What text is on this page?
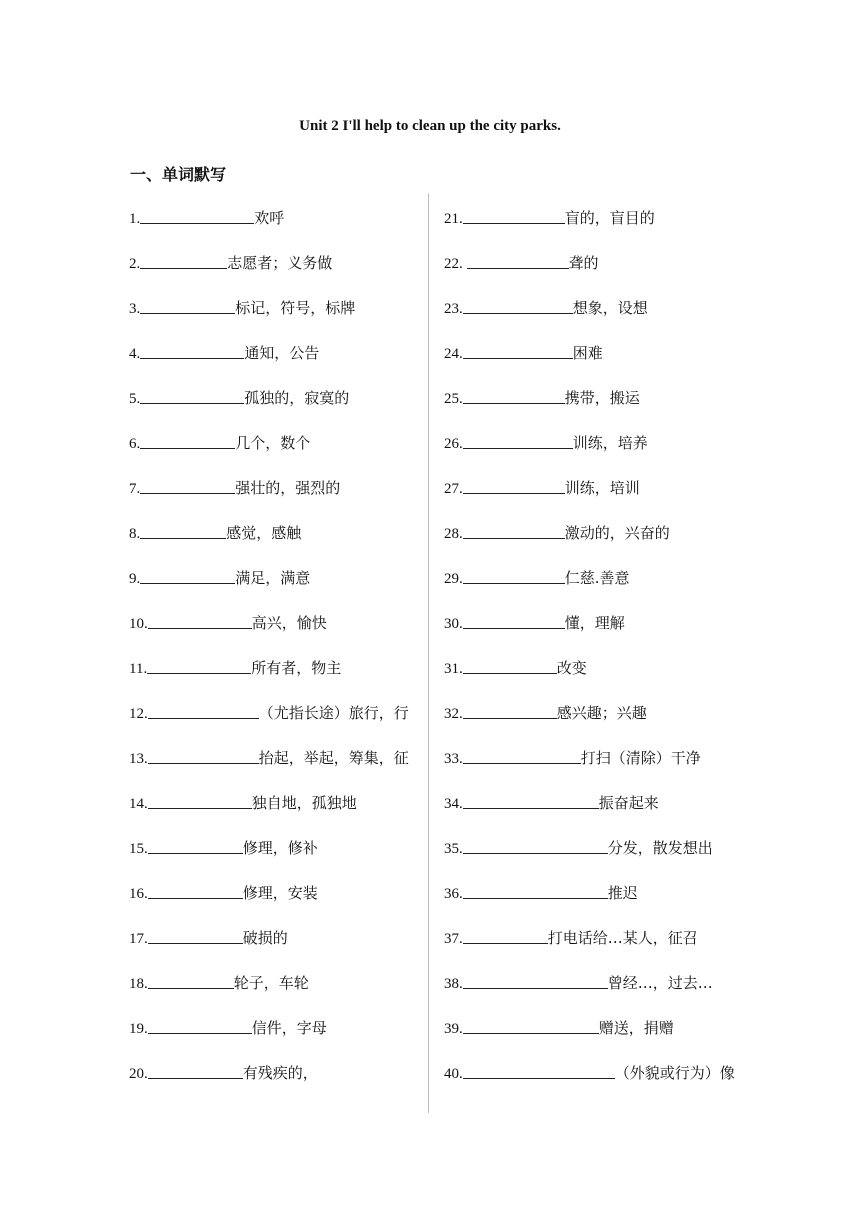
Unit 2 I'll help to clean up the city parks.
一、单词默写
1.	欢呼
2.	志愿者；义务做
3.	标记，符号，标牌
4.	通知，公告
5.	孤独的，寂寞的
6.	几个，数个
7.	强壮的，强烈的
8.	感觉，感触
9.	满足，满意
10.	高兴，愉快
11.	所有者，物主
12.	（尤指长途）旅行，行
13.	抬起，举起，筹集，征
14.	独自地，孤独地
15.	修理，修补
16.	修理，安装
17.	破损的
18.	轮子，车轮
19.	信件，字母
20.	有残疾的，
21.	盲的，盲目的
22.	聋的
23.	想象，设想
24.	困难
25.	携带，搬运
26.	训练，培养
27.	训练，培训
28.	激动的，兴奋的
29.	仁慈.善意
30.	懂，理解
31.	改变
32.	感兴趣；兴趣
33.	打扫（清除）干净
34.	振奋起来
35.	分发，散发想出
36.	推迟
37.	打电话给…某人，征召
38.	曾经…，过去…
39.	赠送，捐赠
40.	（外貌或行为）像
